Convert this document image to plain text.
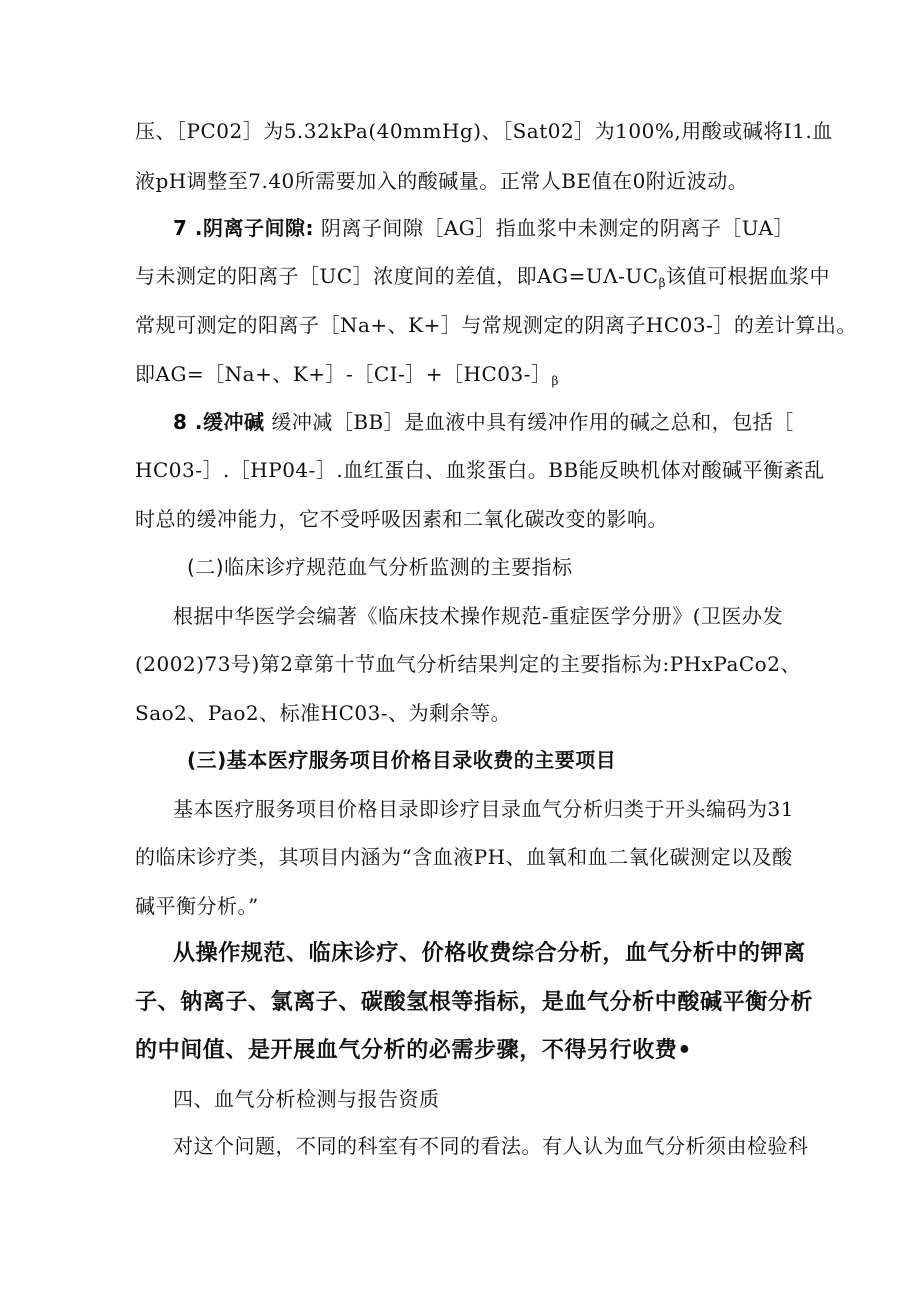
压、［PC02］为5.32kPa(40mmHg)、［Sat02］为100%,用酸或碱将I1.血
液pH调整至7.40所需要加入的酸碱量。正常人BE值在0附近波动。
7 .阴离子间隙: 阴离子间隙［AG］指血浆中未测定的阴离子［UA］
与未测定的阳离子［UC］浓度间的差值，即$AG=U\Lambda-UC_\beta$该值可根据血浆中
常规可测定的阳离子［Na+、K+］与常规测定的阴离子HC03-］的差计算出。
即AG=［Na+、$K+]-[CI-]+[HC03-]_\beta$
8 .缓冲碱 缓冲减［BB］是血液中具有缓冲作用的碱之总和，包括［
HC03-］.［HP04-］.血红蛋白、血浆蛋白。BB能反映机体对酸碱平衡紊乱
时总的缓冲能力，它不受呼吸因素和二氧化碳改变的影响。
(二)临床诊疗规范血气分析监测的主要指标
根据中华医学会编著《临床技术操作规范-重症医学分册》(卫医办发
(2002)73号)第2章第十节血气分析结果判定的主要指标为:PHxPaCo2、
Sao2、Pao2、标准HC03-、为剩余等。
(三)基本医疗服务项目价格目录收费的主要项目
基本医疗服务项目价格目录即诊疗目录血气分析归类于开头编码为31
的临床诊疗类，其项目内涵为“含血液PH、血氧和血二氧化碳测定以及酸
碱平衡分析。”
从操作规范、临床诊疗、价格收费综合分析，血气分析中的钾离
子、钠离子、氯离子、碳酸氢根等指标，是血气分析中酸碱平衡分析
的中间值、是开展血气分析的必需步骤，不得另行收费•
四、血气分析检测与报告资质
对这个问题，不同的科室有不同的看法。有人认为血气分析须由检验科
